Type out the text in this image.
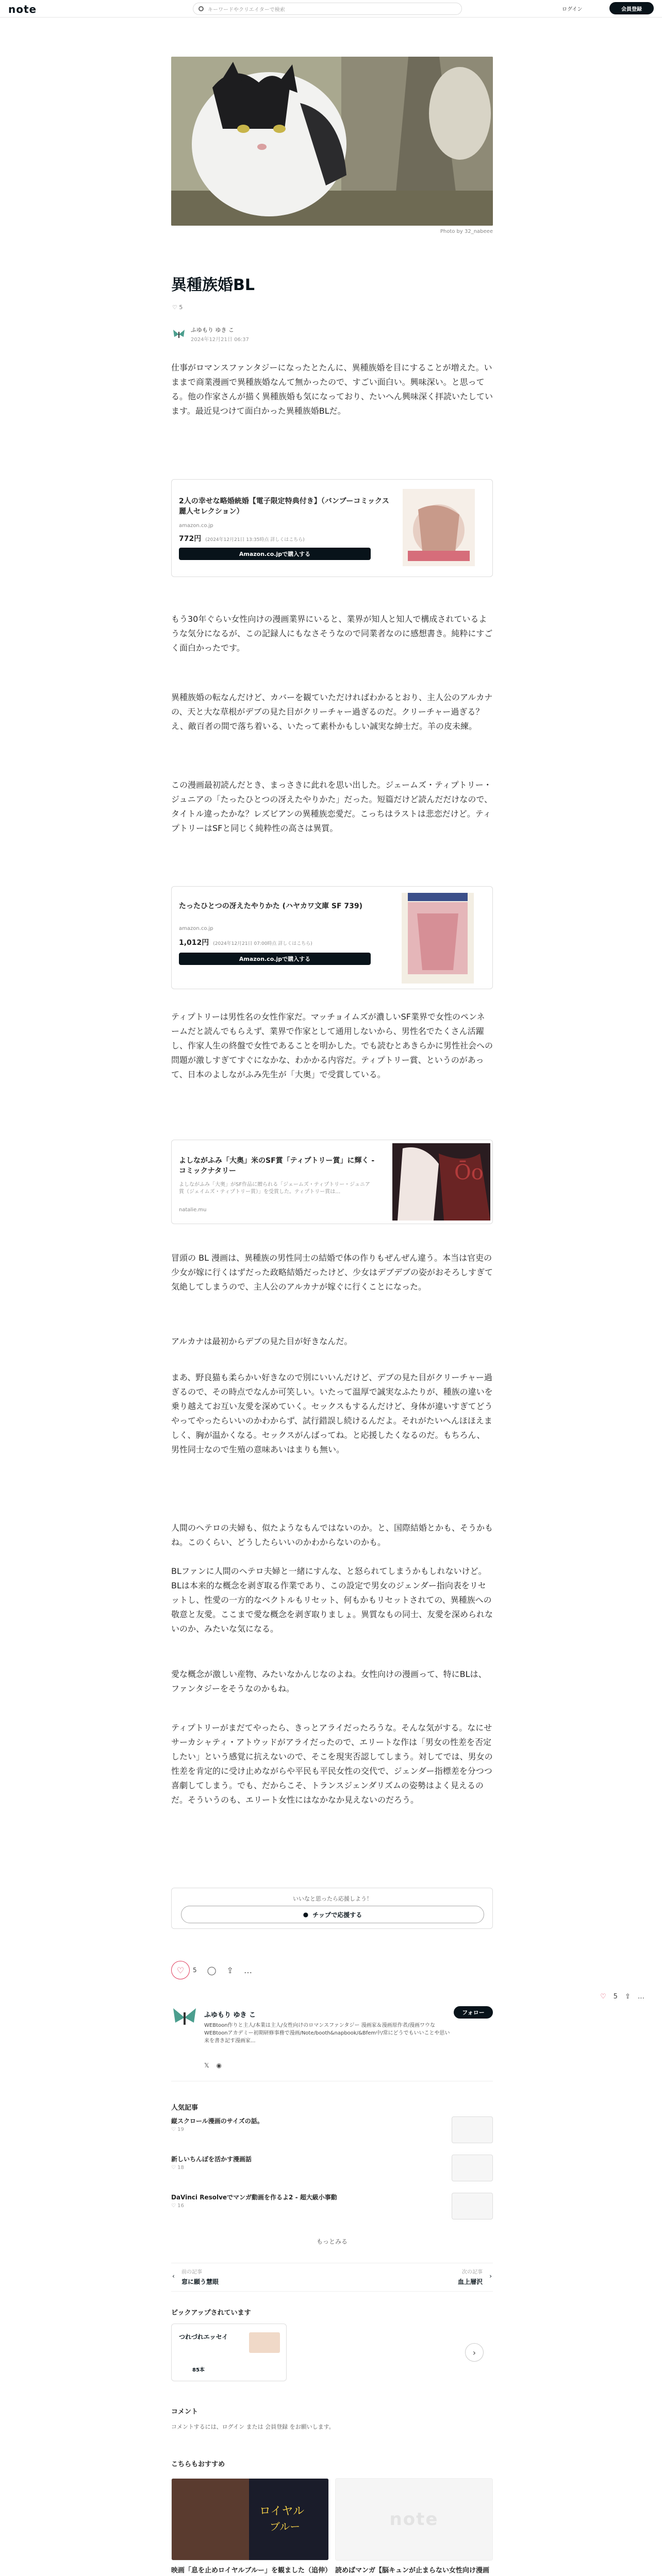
note	キーワードやクリエイターで検索	ログイン	会員登録
Photo by 32_nabeee
異種族婚BL
♡ 5
ふゆもり ゆき こ
2024年12月21日 06:37

仕事がロマンスファンタジーになったとたんに、異種族婚を目にすることが増えた。いままで商業漫画で異種族婚なんて無かったので、すごい面白い。興味深い。と思ってる。他の作家さんが描く異種族婚も気になっており、たいへん興味深く拝読いたしています。最近見つけて面白かった異種族婚BLだ。

2人の幸せな略婚統婚【電子限定特典付き】（バンブーコミックス 麗人セレクション）
amazon.co.jp
772円 (2024年12月21日 13:35時点 詳しくはこちら)
Amazon.co.jpで購入する

もう30年ぐらい女性向けの漫画業界にいると、業界が知人と知人で構成されているような気分になるが、この記録人にもなさそうなので同業者なのに感想書き。純粋にすごく面白かったです。

異種族婚の転なんだけど、カバーを観ていただければわかるとおり、主人公のアルカナの、天と大な草根がデブの見た目がクリーチャー過ぎるのだ。クリーチャー過ぎる？ え、敵百者の間で落ち着いる、いたって素朴かもしい誠実な紳士だ。羊の皮未練。

この漫画最初読んだとき、まっさきに此れを思い出した。ジェームズ・ティプトリー・ジュニアの「たったひとつの冴えたやりかた」だった。短篇だけど読んだだけなので、タイトル違ったかな？レズビアンの異種族恋愛だ。こっちはラストは悲恋だけど。ティプトリーはSFと同じく純粋性の高さは異質。

たったひとつの冴えたやりかた (ハヤカワ文庫 SF 739)
amazon.co.jp
1,012円 (2024年12月21日 07:00時点 詳しくはこちら)
Amazon.co.jpで購入する

ティプトリーは男性名の女性作家だ。マッチョイムズが濃しいSF業界で女性のペンネームだと読んでもらえず、業界で作家として通用しないから、男性名でたくさん活躍し、作家人生の終盤で女性であることを明かした。でも読むとあきらかに男性社会への問題が激しすぎてすぐになかな、わかかる内容だ。ティプトリー賞、というのがあって、日本のよしながふみ先生が「大奥」で受賞している。

よしながふみ「大奥」米のSF賞「ティプトリー賞」に輝く - コミックナタリー
よしながふみ「大奥」がSF作品に贈られる「ジェームズ・ティプトリー・ジュニア賞（ジェイムズ・ティプトリー賞）」を受賞した。ティプトリー賞は…
natalie.mu
Ōo

冒頭の BL 漫画は、異種族の男性同士の結婚で体の作りもぜんぜん違う。本当は官吏の少女が嫁に行くはずだった政略結婚だったけど、少女はデブデブの姿がおそろしすぎて気絶してしまうので、主人公のアルカナが嫁ぐに行くことになった。

アルカナは最初からデブの見た目が好きなんだ。

まあ、野良猫も柔らかい好きなので別にいいんだけど、デブの見た目がクリーチャー過ぎるので、その時点でなんか可笑しい。いたって温厚で誠実なふたりが、種族の違いを乗り越えてお互い友愛を深めていく。セックスもするんだけど、身体が違いすぎてどうやってやったらいいのかわからず、試行錯誤し続けるんだよ。それがたいへんほほえましく、胸が温かくなる。セックスがんばってね。と応援したくなるのだ。もちろん、男性同士なので生殖の意味あいはまりも無い。

人間のヘテロの夫婦も、似たようなもんではないのか。と、国際結婚とかも、そうかもね。このくらい、どうしたらいいのかわからないのかも。

BLファンに人間のヘテロ夫婦と一緒にすんな、と怒られてしまうかもしれないけど。BLは本来的な概念を剥ぎ取る作業であり、この設定で男女のジェンダー指向表をリセットし、性愛の一方的なベクトルもリセット、何もかもリセットされての、異種族への敬意と友愛。ここまで愛な概念を剥ぎ取りましょ。異質なもの同士、友愛を深められないのか、みたいな気になる。

愛な概念が激しい産物、みたいなかんじなのよね。女性向けの漫画って、特にBLは、ファンタジーをそうなのかもね。

ティプトリーがまだてやったら、きっとアライだったろうな。そんな気がする。なにせサーカシャティ・アトウッドがアライだったので、エリートな作は「男女の性差を否定したい」という感覚に抗えないので、そこを現実否認してしまう。対してでは、男女の性差を肯定的に受け止めながらや平民も平民女性の交代で、ジェンダー指標差を分つつ喜劇してしまう。でも、だからこそ、トランスジェンダリズムの姿勢はよく見えるのだ。そういうのも、エリート女性にはなかなか見えないのだろう。

いいなと思ったら応援しよう！
● チップで応援する
♡ 5 ◯ ⇪ …
♡ 5 ⇪ …
ふゆもり ゆき こ	フォロー
WEBtoon作りと主人/本業は主人/女性向けのロマンスファンタジー 漫画家＆漫画原作者/漫画ワウなWEBtoonアカデミー初期研修事務で漫画/Note/booth&napbook/&Bfem中/常にどうでもいいことや思い来を書き記す漫画家...
𝕏 ◉
人気記事
縦スクロール漫画のサイズの話。
♡ 19
新しいちんぽを活かす漫画話
♡ 18
DaVinci Resolveでマンガ動画を作るよ2 - 超大級小事動
♡ 16
もっとみる
前の記事
窓に願う慧眼
‹
次の記事
血上層沢
›
ピックアップされています
つれづれエッセイ
85本
›
コメント
コメントするには、ログイン または 会員登録 をお願いします。
こちらもおすすめ
ロイヤル
ブルー
映画「息を止めロイヤルブルー」を観ました（追伸）
note
読めばマンガ【脳キュンが止まらない女性向け漫画
